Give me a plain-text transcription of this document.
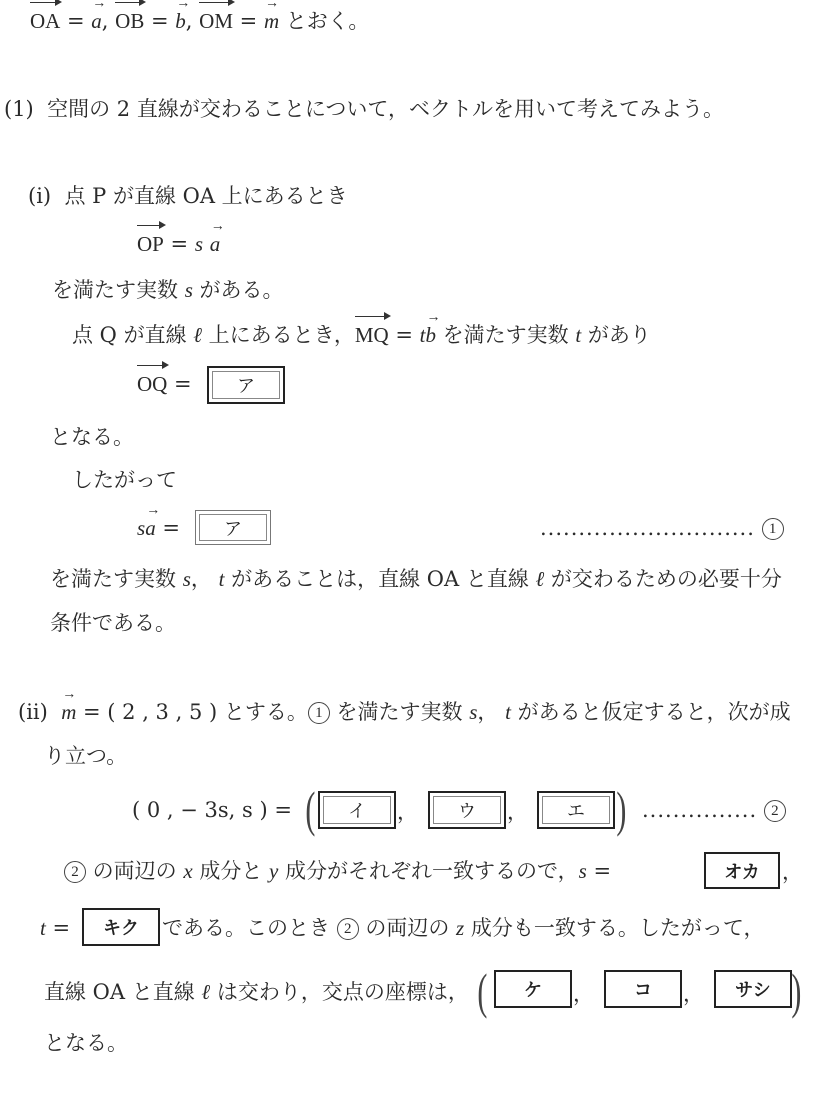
OA = a →, OB = b →, OM = m → とおく。
(1) 空間の 2 直線が交わることについて，ベクトルを用いて考えてみよう。
(i) 点 P が直線 OA 上にあるとき
OP = s a →
を満たす実数 s がある。
点 Q が直線 ℓ 上にあるとき，MQ = tb → を満たす実数 t があり
OQ =	ア
となる。
したがって
sa → =	ア	............................ 1
を満たす実数 s， t があることは，直線 OA と直線 ℓ が交わるための必要十分
条件である。
(ii) m → = ( 2 , 3 , 5 ) とする。 1 を満たす実数 s， t があると仮定すると，次が成
り立つ。
( 0 , − 3s, s ) = (	イ	，	ウ	，	エ ) ............... 2
2 の両辺の x 成分と y 成分がそれぞれ一致するので，s =	オカ	，
t =	キク	である。このとき 2 の両辺の z 成分も一致する。したがって，
直線 OA と直線 ℓ は交わり，交点の座標は， (	ケ	，	コ	，	サシ )
となる。
